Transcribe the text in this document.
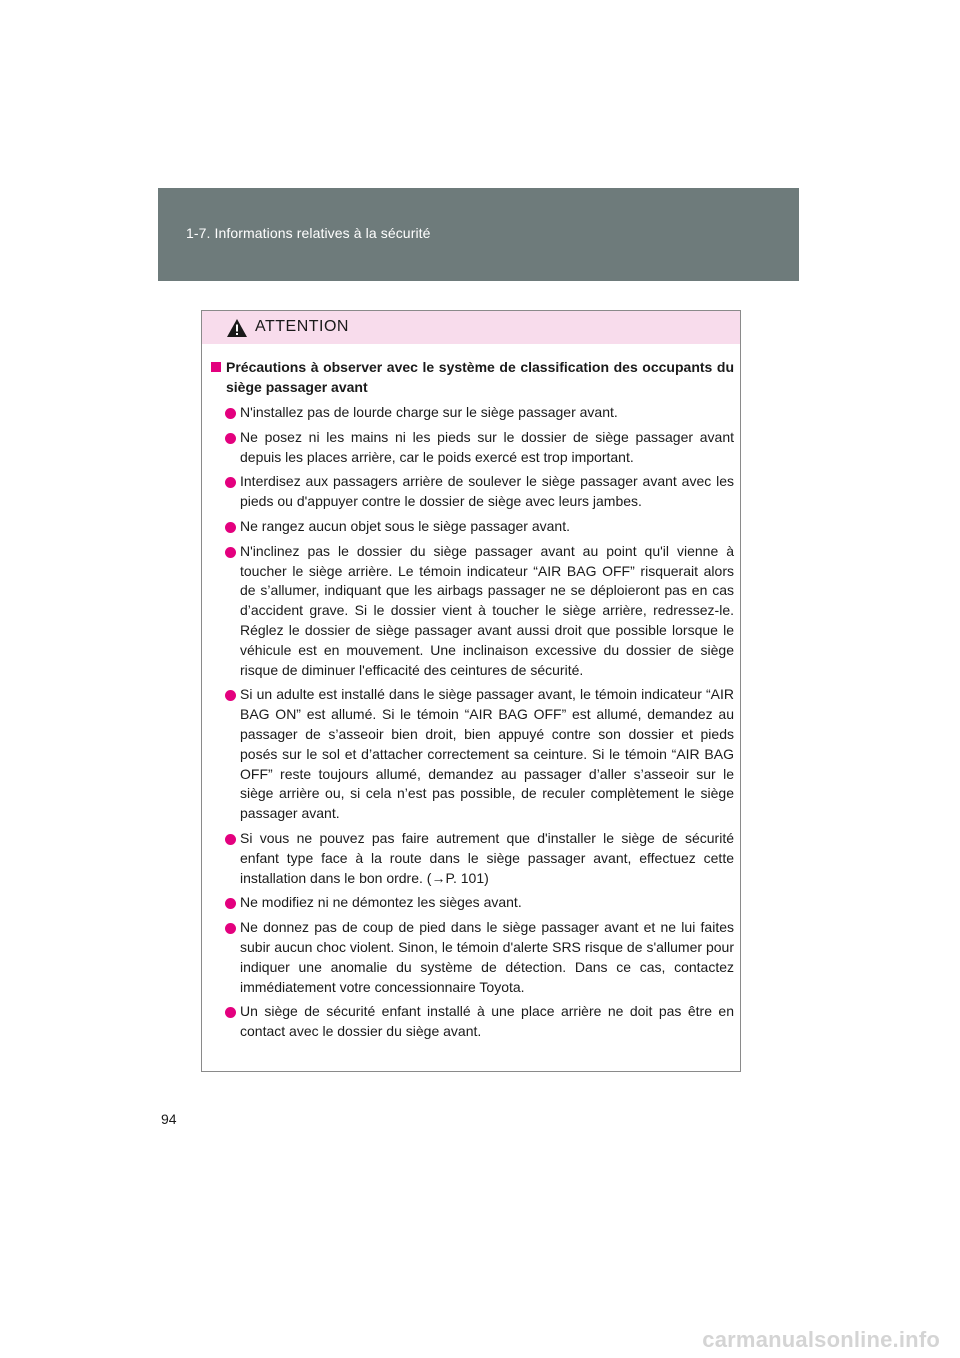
1-7. Informations relatives à la sécurité
ATTENTION
Précautions à observer avec le système de classification des occupants du siège passager avant
N'installez pas de lourde charge sur le siège passager avant.
Ne posez ni les mains ni les pieds sur le dossier de siège passager avant depuis les places arrière, car le poids exercé est trop important.
Interdisez aux passagers arrière de soulever le siège passager avant avec les pieds ou d'appuyer contre le dossier de siège avec leurs jambes.
Ne rangez aucun objet sous le siège passager avant.
N'inclinez pas le dossier du siège passager avant au point qu'il vienne à toucher le siège arrière. Le témoin indicateur “AIR BAG OFF” risquerait alors de s’allumer, indiquant que les airbags passager ne se déploieront pas en cas d’accident grave. Si le dossier vient à toucher le siège arrière, redressez-le. Réglez le dossier de siège passager avant aussi droit que possible lorsque le véhicule est en mouvement. Une inclinaison excessive du dossier de siège risque de diminuer l'efficacité des ceintures de sécurité.
Si un adulte est installé dans le siège passager avant, le témoin indicateur “AIR BAG ON” est allumé. Si le témoin “AIR BAG OFF” est allumé, demandez au passager de s’asseoir bien droit, bien appuyé contre son dossier et pieds posés sur le sol et d’attacher correctement sa ceinture. Si le témoin “AIR BAG OFF” reste toujours allumé, demandez au passager d’aller s’asseoir sur le siège arrière ou, si cela n’est pas possible, de reculer complètement le siège passager avant.
Si vous ne pouvez pas faire autrement que d'installer le siège de sécurité enfant type face à la route dans le siège passager avant, effectuez cette installation dans le bon ordre. (→P. 101)
Ne modifiez ni ne démontez les sièges avant.
Ne donnez pas de coup de pied dans le siège passager avant et ne lui faites subir aucun choc violent. Sinon, le témoin d'alerte SRS risque de s'allumer pour indiquer une anomalie du système de détection. Dans ce cas, contactez immédiatement votre concessionnaire Toyota.
Un siège de sécurité enfant installé à une place arrière ne doit pas être en contact avec le dossier du siège avant.
94
carmanualsonline.info
